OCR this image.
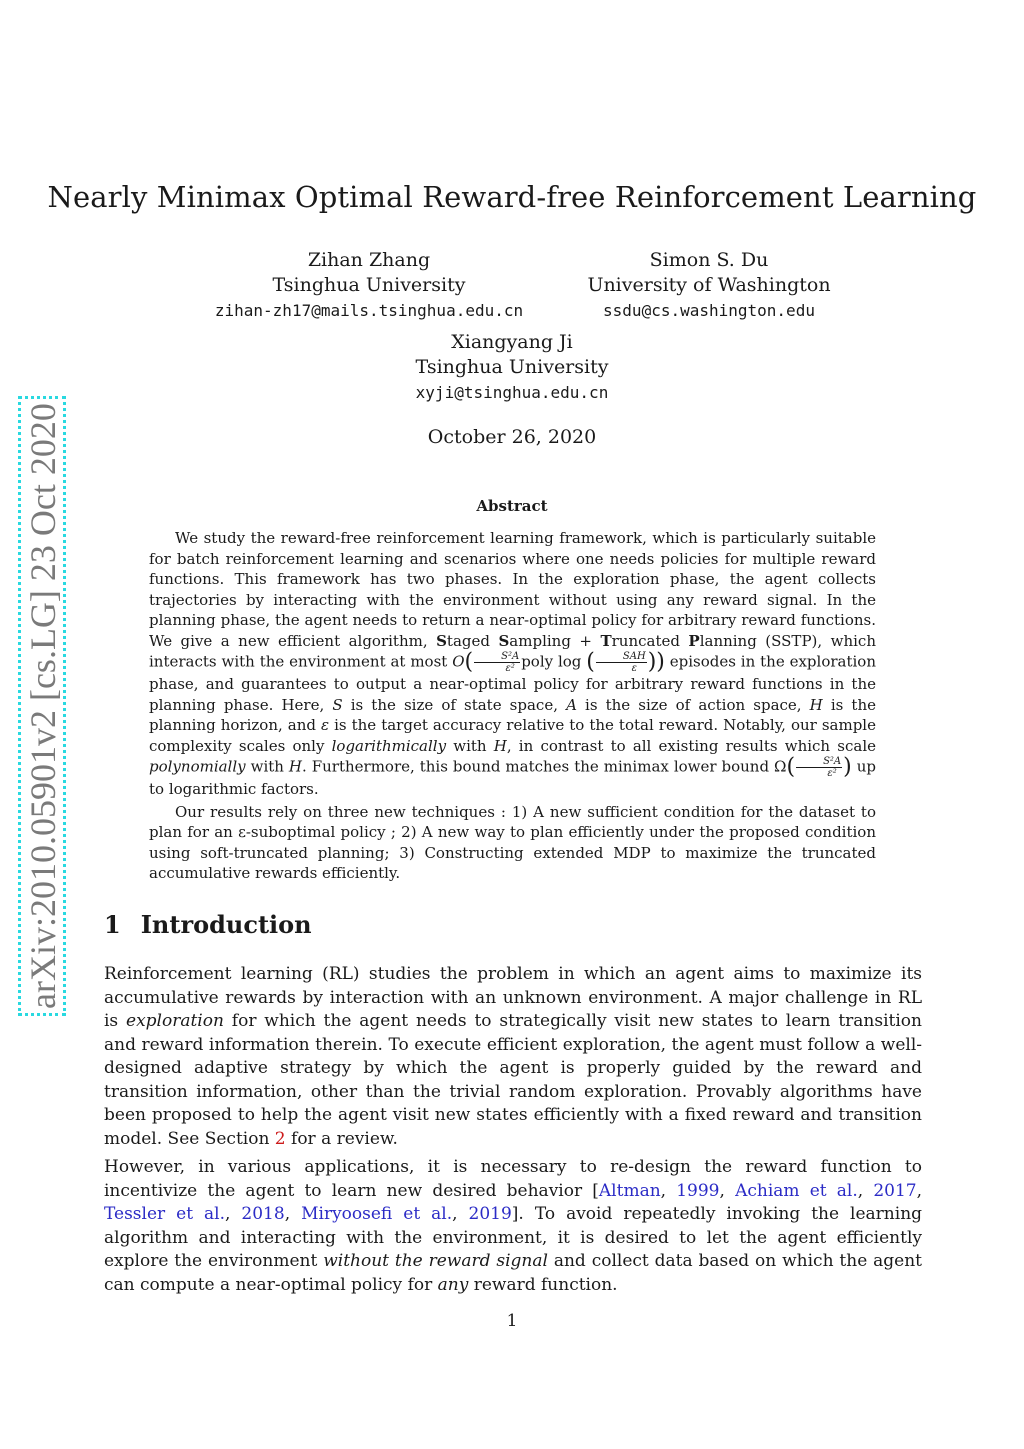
arXiv:2010.05901v2 [cs.LG] 23 Oct 2020
Nearly Minimax Optimal Reward-free Reinforcement Learning
Zihan Zhang
Tsinghua University
zihan-zh17@mails.tsinghua.edu.cn
Simon S. Du
University of Washington
ssdu@cs.washington.edu
Xiangyang Ji
Tsinghua University
xyji@tsinghua.edu.cn
October 26, 2020
Abstract

We study the reward-free reinforcement learning framework, which is particularly suitable for batch reinforcement learning and scenarios where one needs policies for multiple reward functions. This framework has two phases. In the exploration phase, the agent collects trajectories by interacting with the environment without using any reward signal. In the planning phase, the agent needs to return a near-optimal policy for arbitrary reward functions. We give a new efficient algorithm, Staged Sampling + Truncated Planning (SSTP), which interacts with the environment at most $O( \frac{\text{S²A}}{\text{ε²}}$ poly log ( $\frac{\text{SAH}}{\varepsilon}$ )) episodes in the exploration phase, and guarantees to output a near-optimal policy for arbitrary reward functions in the planning phase. Here, S is the size of state space, A is the size of action space, H is the planning horizon, and ε is the target accuracy relative to the total reward. Notably, our sample complexity scales only logarithmically with H, in contrast to all existing results which scale polynomially with H. Furthermore, this bound matches the minimax lower bound $\Omega( \frac{\text{S²A}}{\text{ε²}}$ ) up to logarithmic factors.

Our results rely on three new techniques : 1) A new sufficient condition for the dataset to plan for an ε-suboptimal policy ; 2) A new way to plan efficiently under the proposed condition using soft-truncated planning; 3) Constructing extended MDP to maximize the truncated accumulative rewards efficiently.

1 Introduction

Reinforcement learning (RL) studies the problem in which an agent aims to maximize its accumulative rewards by interaction with an unknown environment. A major challenge in RL is exploration for which the agent needs to strategically visit new states to learn transition and reward information therein. To execute efficient exploration, the agent must follow a well-designed adaptive strategy by which the agent is properly guided by the reward and transition information, other than the trivial random exploration. Provably algorithms have been proposed to help the agent visit new states efficiently with a fixed reward and transition model. See Section 2 for a review.

However, in various applications, it is necessary to re-design the reward function to incentivize the agent to learn new desired behavior [Altman, 1999, Achiam et al., 2017, Tessler et al., 2018, Miryoosefi et al., 2019]. To avoid repeatedly invoking the learning algorithm and interacting with the environment, it is desired to let the agent efficiently explore the environment without the reward signal and collect data based on which the agent can compute a near-optimal policy for any reward function.

1
